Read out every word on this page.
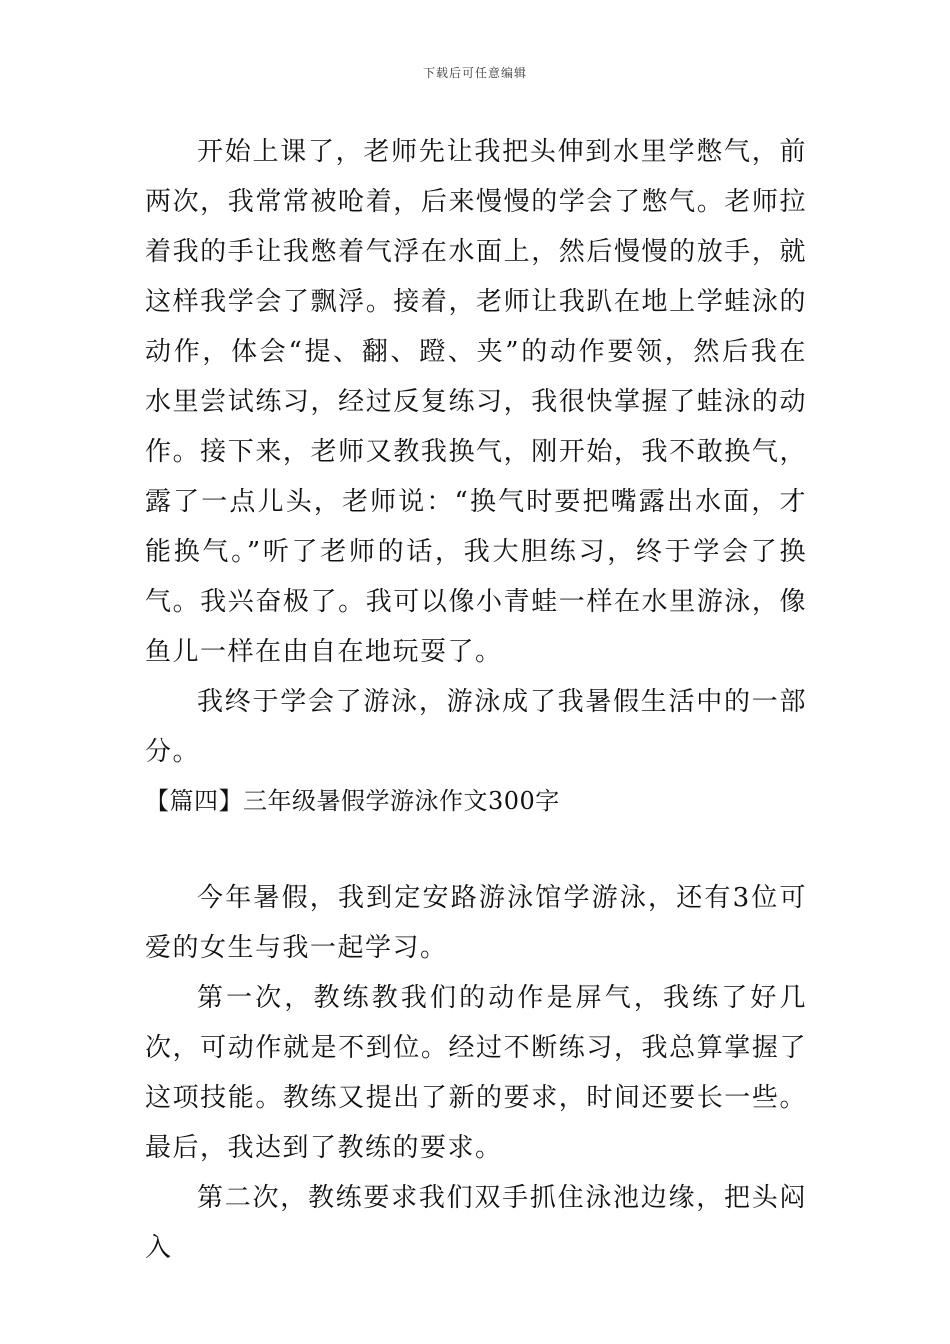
下载后可任意编辑

开始上课了，老师先让我把头伸到水里学憋气，前两次，我常常被呛着，后来慢慢的学会了憋气。老师拉着我的手让我憋着气浮在水面上，然后慢慢的放手，就这样我学会了飘浮。接着，老师让我趴在地上学蛙泳的动作，体会“提、翻、蹬、夹”的动作要领，然后我在水里尝试练习，经过反复练习，我很快掌握了蛙泳的动作。接下来，老师又教我换气，刚开始，我不敢换气，露了一点儿头，老师说：“换气时要把嘴露出水面，才能换气。”听了老师的话，我大胆练习，终于学会了换气。我兴奋极了。我可以像小青蛙一样在水里游泳，像鱼儿一样在由自在地玩耍了。

我终于学会了游泳，游泳成了我暑假生活中的一部分。

【篇四】三年级暑假学游泳作文300字

今年暑假，我到定安路游泳馆学游泳，还有3位可爱的女生与我一起学习。

第一次，教练教我们的动作是屏气，我练了好几次，可动作就是不到位。经过不断练习，我总算掌握了这项技能。教练又提出了新的要求，时间还要长一些。最后，我达到了教练的要求。

第二次，教练要求我们双手抓住泳池边缘，把头闷入
